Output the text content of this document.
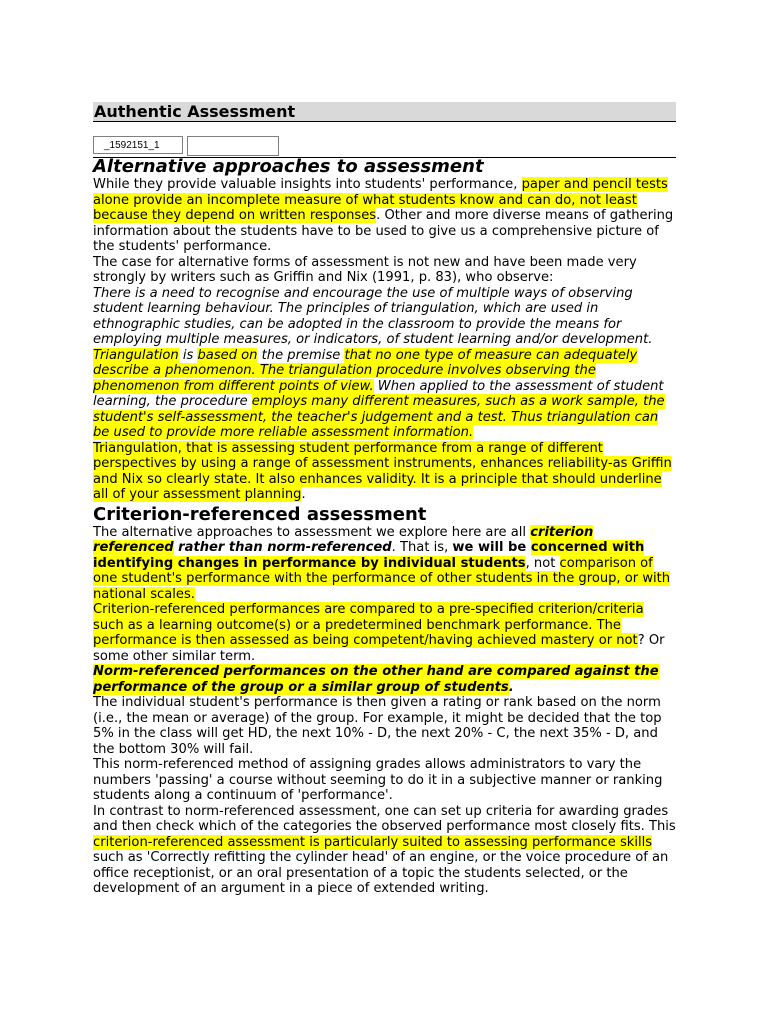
Authentic Assessment
_1592151_1
Alternative approaches to assessment

While they provide valuable insights into students' performance, paper and pencil tests alone provide an incomplete measure of what students know and can do, not least because they depend on written responses. Other and more diverse means of gathering information about the students have to be used to give us a comprehensive picture of the students' performance.

The case for alternative forms of assessment is not new and have been made very strongly by writers such as Griffin and Nix (1991, p. 83), who observe:

There is a need to recognise and encourage the use of multiple ways of observing student learning behaviour. The principles of triangulation, which are used in ethnographic studies, can be adopted in the classroom to provide the means for employing multiple measures, or indicators, of student learning and/or development. Triangulation is based on the premise that no one type of measure can adequately describe a phenomenon. The triangulation procedure involves observing the phenomenon from different points of view. When applied to the assessment of student learning, the procedure employs many different measures, such as a work sample, the student's self-assessment, the teacher's judgement and a test. Thus triangulation can be used to provide more reliable assessment information.

Triangulation, that is assessing student performance from a range of different perspectives by using a range of assessment instruments, enhances reliability-as Griffin and Nix so clearly state. It also enhances validity. It is a principle that should underline all of your assessment planning.

Criterion-referenced assessment

The alternative approaches to assessment we explore here are all criterion referenced rather than norm-referenced. That is, we will be concerned with identifying changes in performance by individual students, not comparison of one student's performance with the performance of other students in the group, or with national scales.

Criterion-referenced performances are compared to a pre-specified criterion/criteria such as a learning outcome(s) or a predetermined benchmark performance. The performance is then assessed as being competent/having achieved mastery or not? Or some other similar term.

Norm-referenced performances on the other hand are compared against the performance of the group or a similar group of students.

The individual student's performance is then given a rating or rank based on the norm (i.e., the mean or average) of the group. For example, it might be decided that the top 5% in the class will get HD, the next 10% - D, the next 20% - C, the next 35% - D, and the bottom 30% will fail.

This norm-referenced method of assigning grades allows administrators to vary the numbers 'passing' a course without seeming to do it in a subjective manner or ranking students along a continuum of 'performance'.

In contrast to norm-referenced assessment, one can set up criteria for awarding grades and then check which of the categories the observed performance most closely fits. This criterion-referenced assessment is particularly suited to assessing performance skills such as 'Correctly refitting the cylinder head' of an engine, or the voice procedure of an office receptionist, or an oral presentation of a topic the students selected, or the development of an argument in a piece of extended writing.
